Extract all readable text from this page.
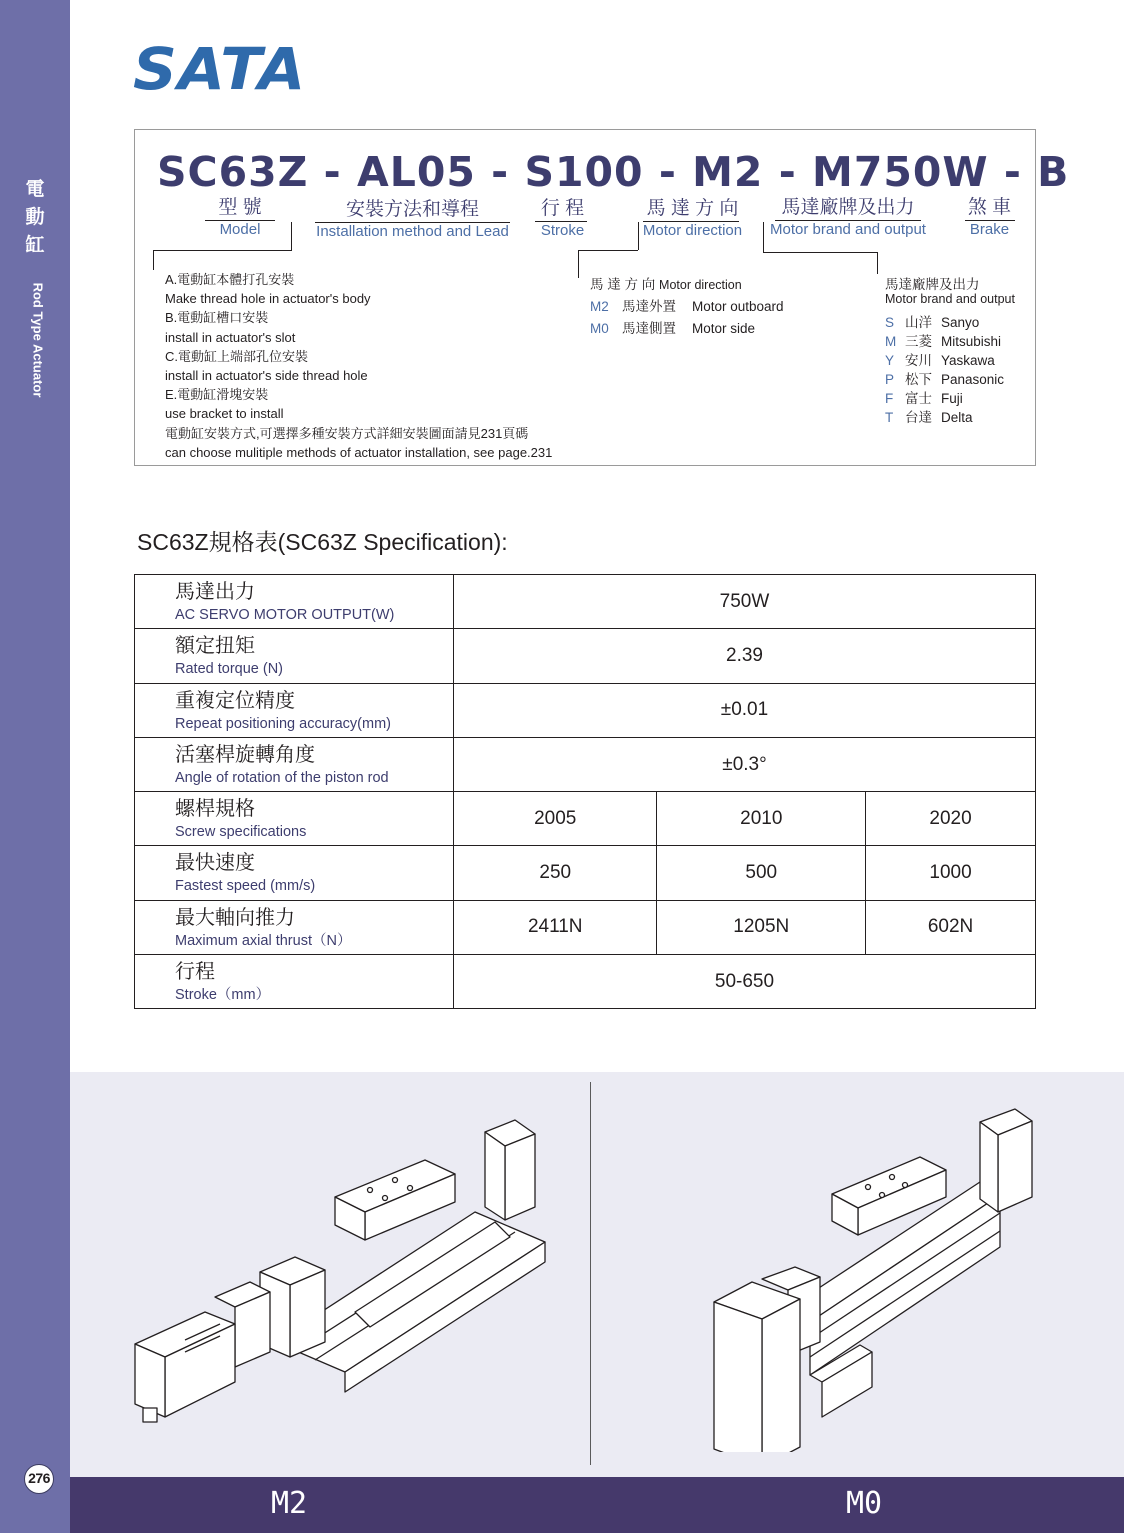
電
動
缸
Rod Type Actuator
276
SATA
SC63Z - AL05 - S100 - M2 - M750W - B
型 號
Model
安裝方法和導程
Installation method and Lead
行 程
Stroke
馬 達 方 向
Motor direction
馬達廠牌及出力
Motor brand and output
煞 車
Brake
A.電動缸本體打孔安裝
Make thread hole in actuator's body
B.電動缸槽口安裝
install in actuator's slot
C.電動缸上端部孔位安裝
install in actuator's side thread hole
E.電動缸滑塊安裝
use bracket to install
電動缸安裝方式,可選擇多種安裝方式詳細安裝圖面請見231頁碼
can choose mulitiple methods of actuator installation, see page.231
馬 達 方 向 Motor direction
M2 馬達外置 Motor outboard
M0 馬達側置 Motor side
馬達廠牌及出力
Motor brand and output
S 山洋 Sanyo
M 三菱 Mitsubishi
Y 安川 Yaskawa
P 松下 Panasonic
F 富士 Fuji
T 台達 Delta
SC63Z規格表(SC63Z Specification):
馬達出力
AC SERVO MOTOR OUTPUT(W)	750W		

額定扭矩
Rated torque (N)	2.39		

重複定位精度
Repeat positioning accuracy(mm)	±0.01		

活塞桿旋轉角度
Angle of rotation of the piston rod	±0.3°		

螺桿規格
Screw specifications	2005	2010	2020

最快速度
Fastest speed (mm/s)	250	500	1000

最大軸向推力
Maximum axial thrust（N）	2411N	1205N	602N

行程
Stroke（mm）	50-650		
M2	M0
